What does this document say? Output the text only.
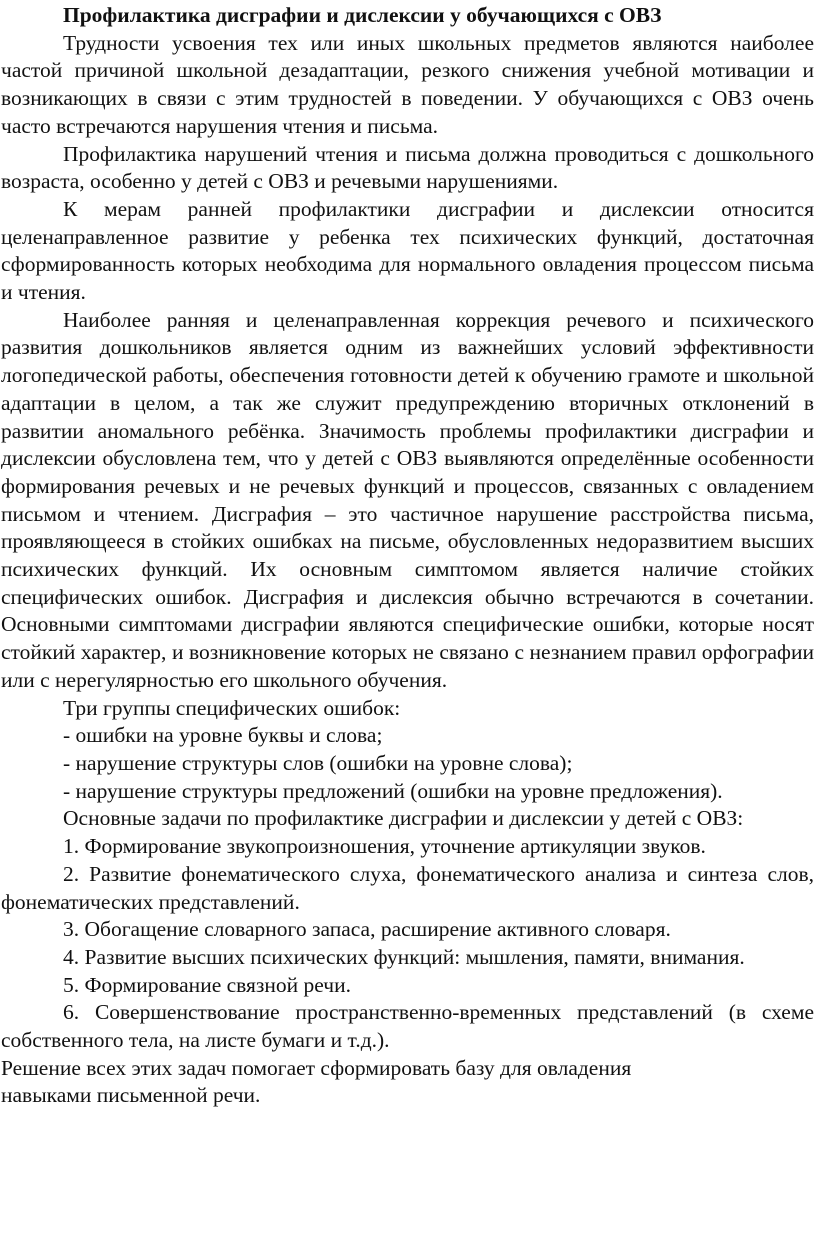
Профилактика дисграфии и дислексии у обучающихся с ОВЗ

Трудности усвоения тех или иных школьных предметов являются наиболее частой причиной школьной дезадаптации, резкого снижения учебной мотивации и возникающих в связи с этим трудностей в поведении. У обучающихся с ОВЗ очень часто встречаются нарушения чтения и письма.

Профилактика нарушений чтения и письма должна проводиться с дошкольного возраста, особенно у детей с ОВЗ и речевыми нарушениями.

К мерам ранней профилактики дисграфии и дислексии относится целенаправленное развитие у ребенка тех психических функций, достаточная сформированность которых необходима для нормального овладения процессом письма и чтения.

Наиболее ранняя и целенаправленная коррекция речевого и психического развития дошкольников является одним из важнейших условий эффективности логопедической работы, обеспечения готовности детей к обучению грамоте и школьной адаптации в целом, а так же служит предупреждению вторичных отклонений в развитии аномального ребёнка. Значимость проблемы профилактики дисграфии и дислексии обусловлена тем, что у детей с ОВЗ выявляются определённые особенности формирования речевых и не речевых функций и процессов, связанных с овладением письмом и чтением. Дисграфия – это частичное нарушение расстройства письма, проявляющееся в стойких ошибках на письме, обусловленных недоразвитием высших психических функций. Их основным симптомом является наличие стойких специфических ошибок. Дисграфия и дислексия обычно встречаются в сочетании. Основными симптомами дисграфии являются специфические ошибки, которые носят стойкий характер, и возникновение которых не связано с незнанием правил орфографии или с нерегулярностью его школьного обучения.

Три группы специфических ошибок:

- ошибки на уровне буквы и слова;

- нарушение структуры слов (ошибки на уровне слова);

- нарушение структуры предложений (ошибки на уровне предложения).

Основные задачи по профилактике дисграфии и дислексии у детей с ОВЗ:

1. Формирование звукопроизношения, уточнение артикуляции звуков.

2. Развитие фонематического слуха, фонематического анализа и синтеза слов, фонематических представлений.

3. Обогащение словарного запаса, расширение активного словаря.

4. Развитие высших психических функций: мышления, памяти, внимания.

5. Формирование связной речи.

6. Совершенствование пространственно-временных представлений (в схеме собственного тела, на листе бумаги и т.д.).

Решение всех этих задач помогает сформировать базу для овладения

навыками письменной речи.
